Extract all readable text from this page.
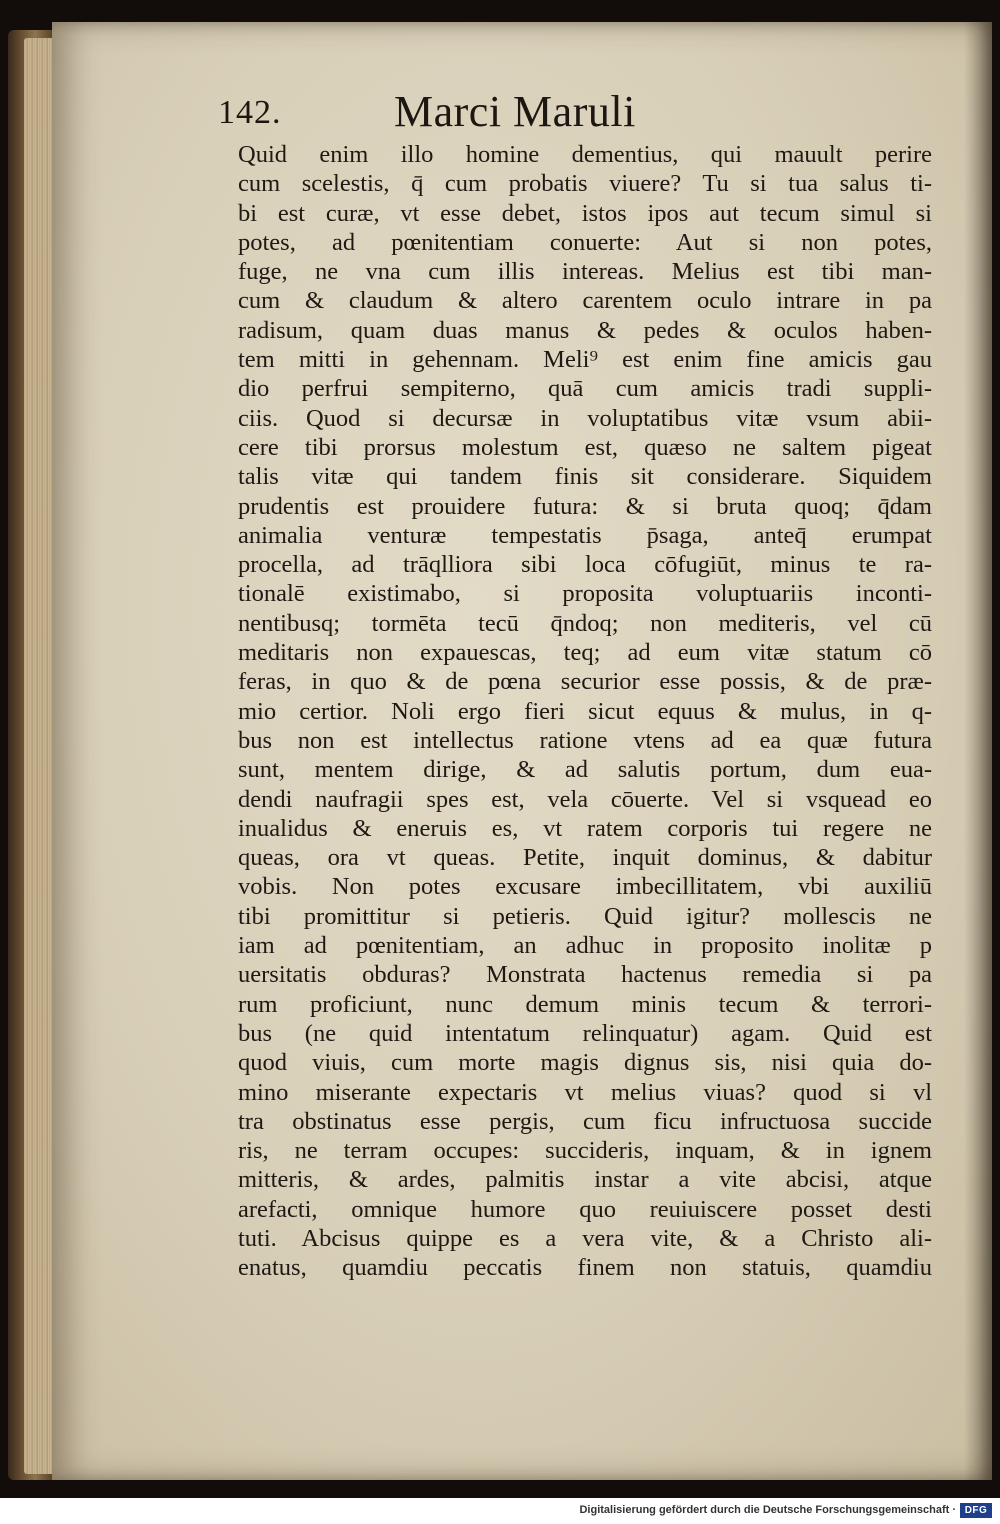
142.	Marci Maruli
Quid enim illo homine dementius, qui mauult perire
cum scelestis, q̄ cum probatis viuere? Tu si tua salus ti-
bi est curæ, vt esse debet, istos ipos aut tecum simul si
potes, ad pœnitentiam conuerte: Aut si non potes,
fuge, ne vna cum illis intereas. Melius est tibi man-
cum & claudum & altero carentem oculo intrare in pa
radisum, quam duas manus & pedes & oculos haben-
tem mitti in gehennam. Meli⁹ est enim fine amicis gau
dio perfrui sempiterno, quā cum amicis tradi suppli-
ciis. Quod si decursæ in voluptatibus vitæ vsum abii-
cere tibi prorsus molestum est, quæso ne saltem pigeat
talis vitæ qui tandem finis sit considerare. Siquidem
prudentis est prouidere futura: & si bruta quoq; q̄dam
animalia venturæ tempestatis p̄saga, anteq̄ erumpat
procella, ad trāqlliora sibi loca cōfugiūt, minus te ra-
tionalē existimabo, si proposita voluptuariis inconti-
nentibusq; tormēta tecū q̄ndoq; non mediteris, vel cū
meditaris non expauescas, teq; ad eum vitæ statum cō
feras, in quo & de pœna securior esse possis, & de præ-
mio certior. Noli ergo fieri sicut equus & mulus, in q-
bus non est intellectus ratione vtens ad ea quæ futura
sunt, mentem dirige, & ad salutis portum, dum eua-
dendi naufragii spes est, vela cōuerte. Vel si vsquead eo
inualidus & eneruis es, vt ratem corporis tui regere ne
queas, ora vt queas. Petite, inquit dominus, & dabitur
vobis. Non potes excusare imbecillitatem, vbi auxiliū
tibi promittitur si petieris. Quid igitur? mollescis ne
iam ad pœnitentiam, an adhuc in proposito inolitæ p
uersitatis obduras? Monstrata hactenus remedia si pa
rum proficiunt, nunc demum minis tecum & terrori-
bus (ne quid intentatum relinquatur) agam. Quid est
quod viuis, cum morte magis dignus sis, nisi quia do-
mino miserante expectaris vt melius viuas? quod si vl
tra obstinatus esse pergis, cum ficu infructuosa succide
ris, ne terram occupes: succideris, inquam, & in ignem
mitteris, & ardes, palmitis instar a vite abcisi, atque
arefacti, omnique humore quo reuiuiscere posset desti
tuti. Abcisus quippe es a vera vite, & a Christo ali-
enatus, quamdiu peccatis finem non statuis, quamdiu
Digitalisierung gefördert durch die Deutsche Forschungsgemeinschaft · DFG
